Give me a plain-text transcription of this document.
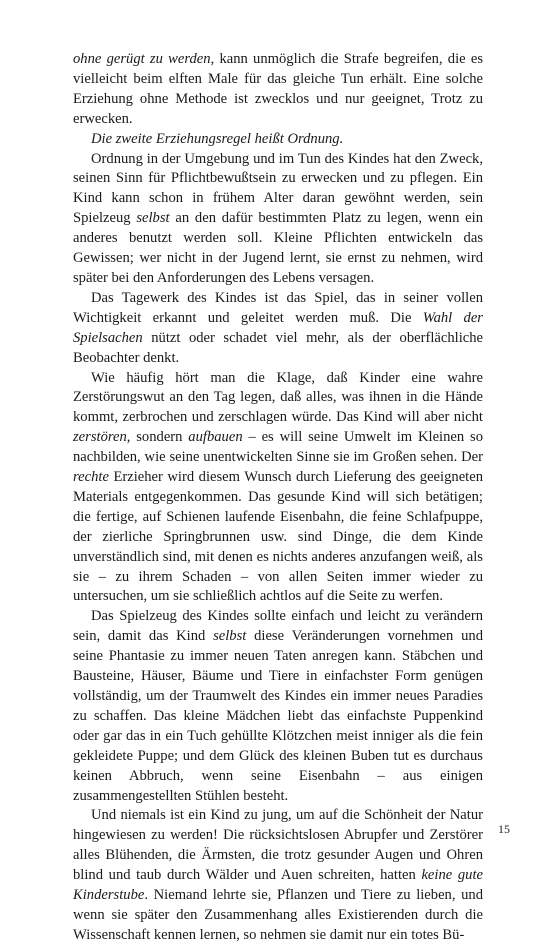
ohne gerügt zu werden, kann unmöglich die Strafe begreifen, die es vielleicht beim elften Male für das gleiche Tun erhält. Eine solche Erziehung ohne Methode ist zwecklos und nur geeignet, Trotz zu erwecken.

Die zweite Erziehungsregel heißt Ordnung.

Ordnung in der Umgebung und im Tun des Kindes hat den Zweck, seinen Sinn für Pflichtbewußtsein zu erwecken und zu pflegen. Ein Kind kann schon in frühem Alter daran gewöhnt werden, sein Spielzeug selbst an den dafür bestimmten Platz zu legen, wenn ein anderes benutzt werden soll. Kleine Pflichten entwickeln das Gewissen; wer nicht in der Jugend lernt, sie ernst zu nehmen, wird später bei den Anforderungen des Lebens versagen.

Das Tagewerk des Kindes ist das Spiel, das in seiner vollen Wichtigkeit erkannt und geleitet werden muß. Die Wahl der Spielsachen nützt oder schadet viel mehr, als der oberflächliche Beobachter denkt.

Wie häufig hört man die Klage, daß Kinder eine wahre Zerstörungswut an den Tag legen, daß alles, was ihnen in die Hände kommt, zerbrochen und zerschlagen würde. Das Kind will aber nicht zerstören, sondern aufbauen – es will seine Umwelt im Kleinen so nachbilden, wie seine unentwickelten Sinne sie im Großen sehen. Der rechte Erzieher wird diesem Wunsch durch Lieferung des geeigneten Materials entgegenkommen. Das gesunde Kind will sich betätigen; die fertige, auf Schienen laufende Eisenbahn, die feine Schlafpuppe, der zierliche Springbrunnen usw. sind Dinge, die dem Kinde unverständlich sind, mit denen es nichts anderes anzufangen weiß, als sie – zu ihrem Schaden – von allen Seiten immer wieder zu untersuchen, um sie schließlich achtlos auf die Seite zu werfen.

Das Spielzeug des Kindes sollte einfach und leicht zu verändern sein, damit das Kind selbst diese Veränderungen vornehmen und seine Phantasie zu immer neuen Taten anregen kann. Stäbchen und Bausteine, Häuser, Bäume und Tiere in einfachster Form genügen vollständig, um der Traumwelt des Kindes ein immer neues Paradies zu schaffen. Das kleine Mädchen liebt das einfachste Puppenkind oder gar das in ein Tuch gehüllte Klötzchen meist inniger als die fein gekleidete Puppe; und dem Glück des kleinen Buben tut es durchaus keinen Abbruch, wenn seine Eisenbahn – aus einigen zusammengestellten Stühlen besteht.

Und niemals ist ein Kind zu jung, um auf die Schönheit der Natur hingewiesen zu werden! Die rücksichtslosen Abrupfer und Zerstörer alles Blühenden, die Ärmsten, die trotz gesunder Augen und Ohren blind und taub durch Wälder und Auen schreiten, hatten keine gute Kinderstube. Niemand lehrte sie, Pflanzen und Tiere zu lieben, und wenn sie später den Zusammenhang alles Existierenden durch die Wissenschaft kennen lernen, so nehmen sie damit nur ein totes Bü-

15
